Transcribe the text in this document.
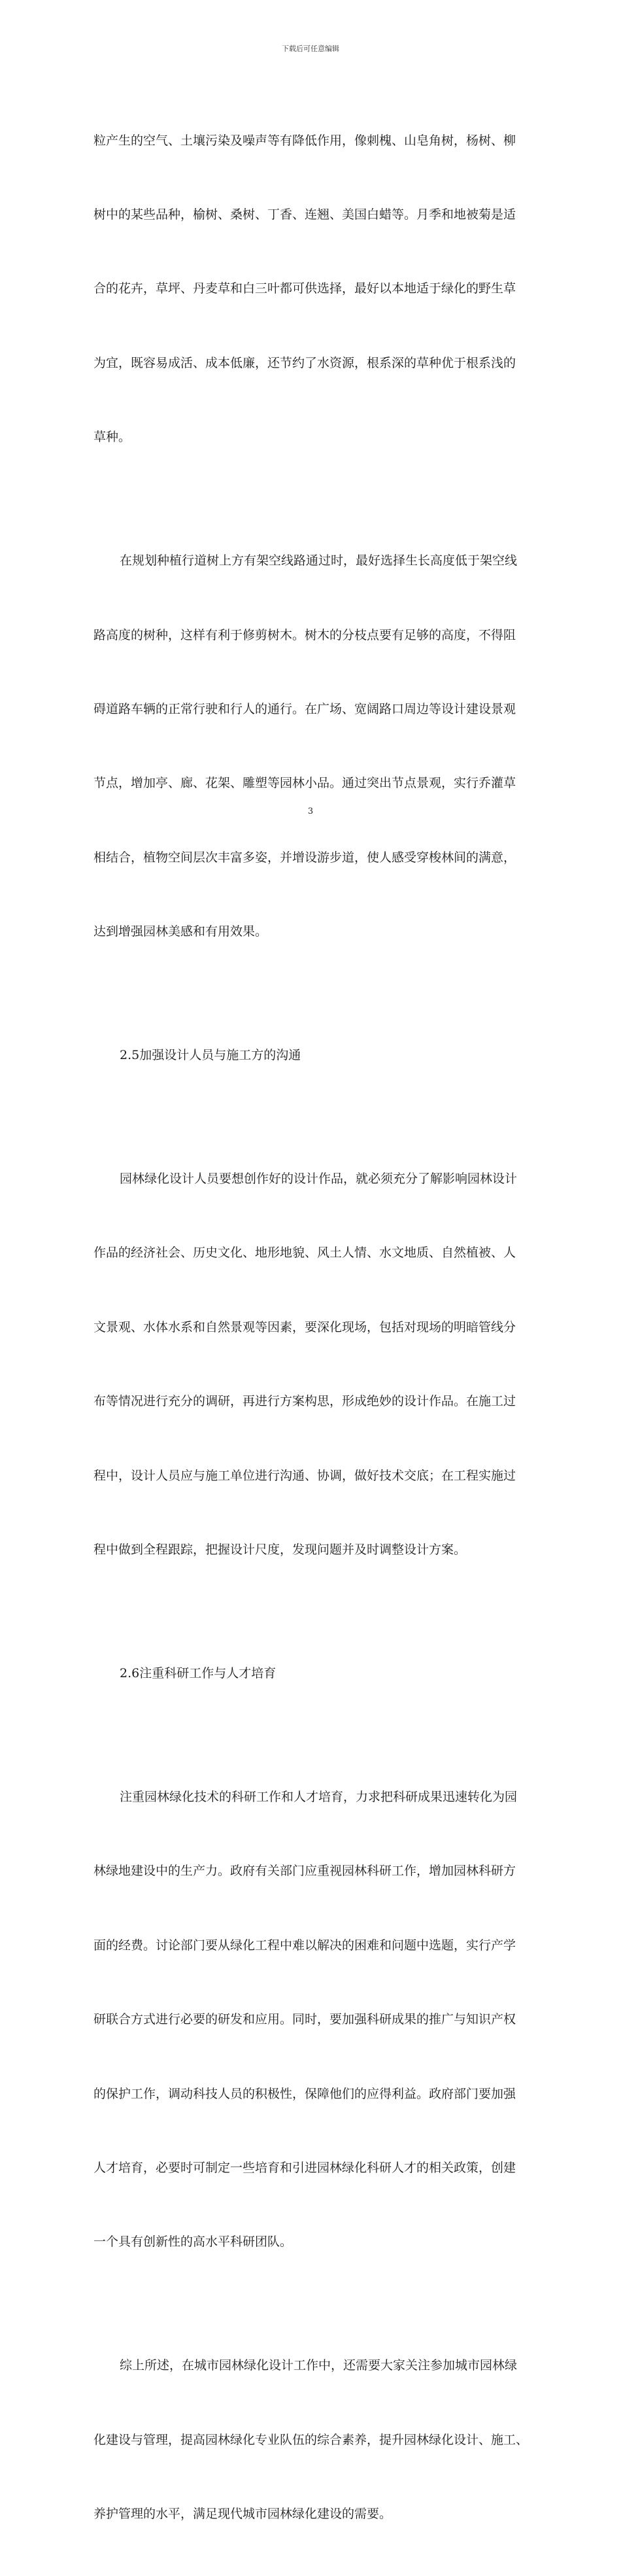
下载后可任意编辑

粒产生的空气、土壤污染及噪声等有降低作用，像刺槐、山皂角树，杨树、柳

树中的某些品种，榆树、桑树、丁香、连翘、美国白蜡等。月季和地被菊是适

合的花卉，草坪、丹麦草和白三叶都可供选择，最好以本地适于绿化的野生草

为宜，既容易成活、成本低廉，还节约了水资源，根系深的草种优于根系浅的

草种。

在规划种植行道树上方有架空线路通过时，最好选择生长高度低于架空线

路高度的树种，这样有利于修剪树木。树木的分枝点要有足够的高度，不得阻

碍道路车辆的正常行驶和行人的通行。在广场、宽阔路口周边等设计建设景观

节点，增加亭、廊、花架、雕塑等园林小品。通过突出节点景观，实行乔灌草

相结合，植物空间层次丰富多姿，并增设游步道，使人感受穿梭林间的满意，

达到增强园林美感和有用效果。

2.5加强设计人员与施工方的沟通

园林绿化设计人员要想创作好的设计作品，就必须充分了解影响园林设计

作品的经济社会、历史文化、地形地貌、风土人情、水文地质、自然植被、人

文景观、水体水系和自然景观等因素，要深化现场，包括对现场的明暗管线分

布等情况进行充分的调研，再进行方案构思，形成绝妙的设计作品。在施工过

程中，设计人员应与施工单位进行沟通、协调，做好技术交底；在工程实施过

程中做到全程跟踪，把握设计尺度，发现问题并及时调整设计方案。

2.6注重科研工作与人才培育

注重园林绿化技术的科研工作和人才培育，力求把科研成果迅速转化为园

林绿地建设中的生产力。政府有关部门应重视园林科研工作，增加园林科研方

面的经费。讨论部门要从绿化工程中难以解决的困难和问题中选题，实行产学

研联合方式进行必要的研发和应用。同时，要加强科研成果的推广与知识产权

的保护工作，调动科技人员的积极性，保障他们的应得利益。政府部门要加强

人才培育，必要时可制定一些培育和引进园林绿化科研人才的相关政策，创建

一个具有创新性的高水平科研团队。

综上所述，在城市园林绿化设计工作中，还需要大家关注参加城市园林绿

化建设与管理，提高园林绿化专业队伍的综合素养，提升园林绿化设计、施工、

养护管理的水平，满足现代城市园林绿化建设的需要。

3
